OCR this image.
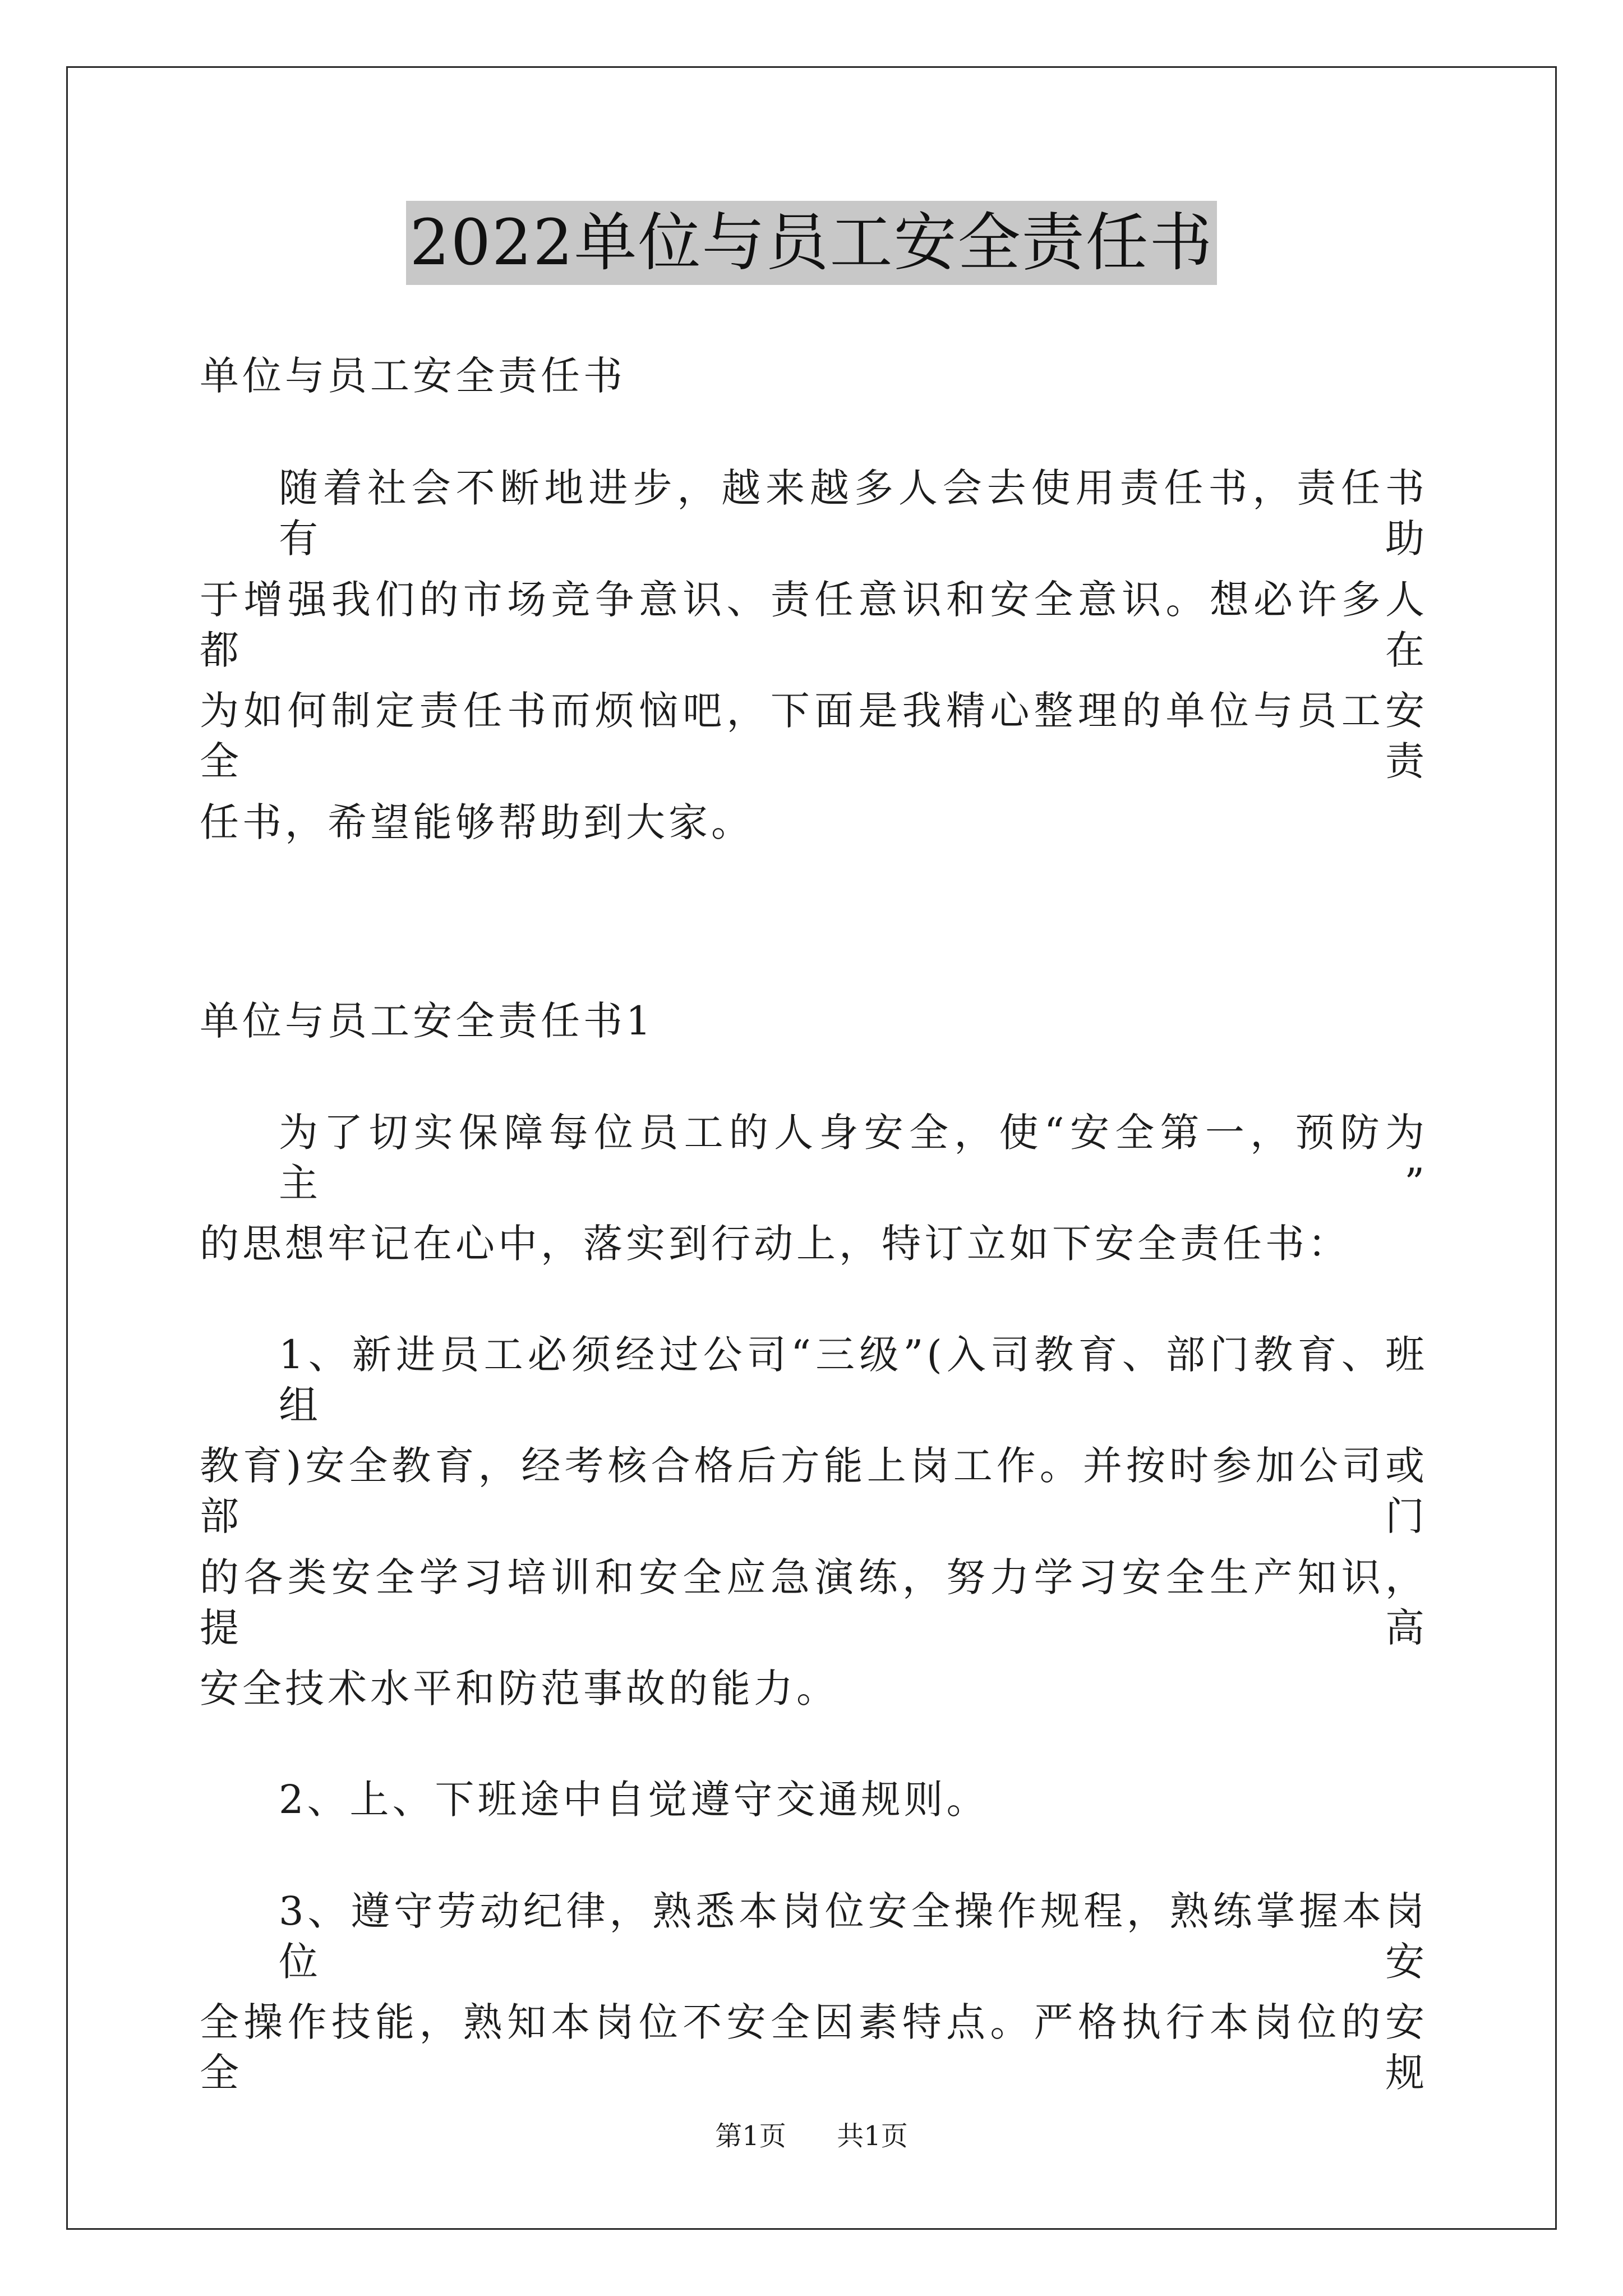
2022单位与员工安全责任书
单位与员工安全责任书
随着社会不断地进步，越来越多人会去使用责任书，责任书有助
于增强我们的市场竞争意识、责任意识和安全意识。想必许多人都在
为如何制定责任书而烦恼吧，下面是我精心整理的单位与员工安全责
任书，希望能够帮助到大家。
单位与员工安全责任书1
为了切实保障每位员工的人身安全，使“安全第一，预防为主”
的思想牢记在心中，落实到行动上，特订立如下安全责任书：
1、新进员工必须经过公司“三级”(入司教育、部门教育、班组
教育)安全教育，经考核合格后方能上岗工作。并按时参加公司或部门
的各类安全学习培训和安全应急演练，努力学习安全生产知识，提高
安全技术水平和防范事故的能力。
2、上、下班途中自觉遵守交通规则。
3、遵守劳动纪律，熟悉本岗位安全操作规程，熟练掌握本岗位安
全操作技能，熟知本岗位不安全因素特点。严格执行本岗位的安全规
第1页 共1页
